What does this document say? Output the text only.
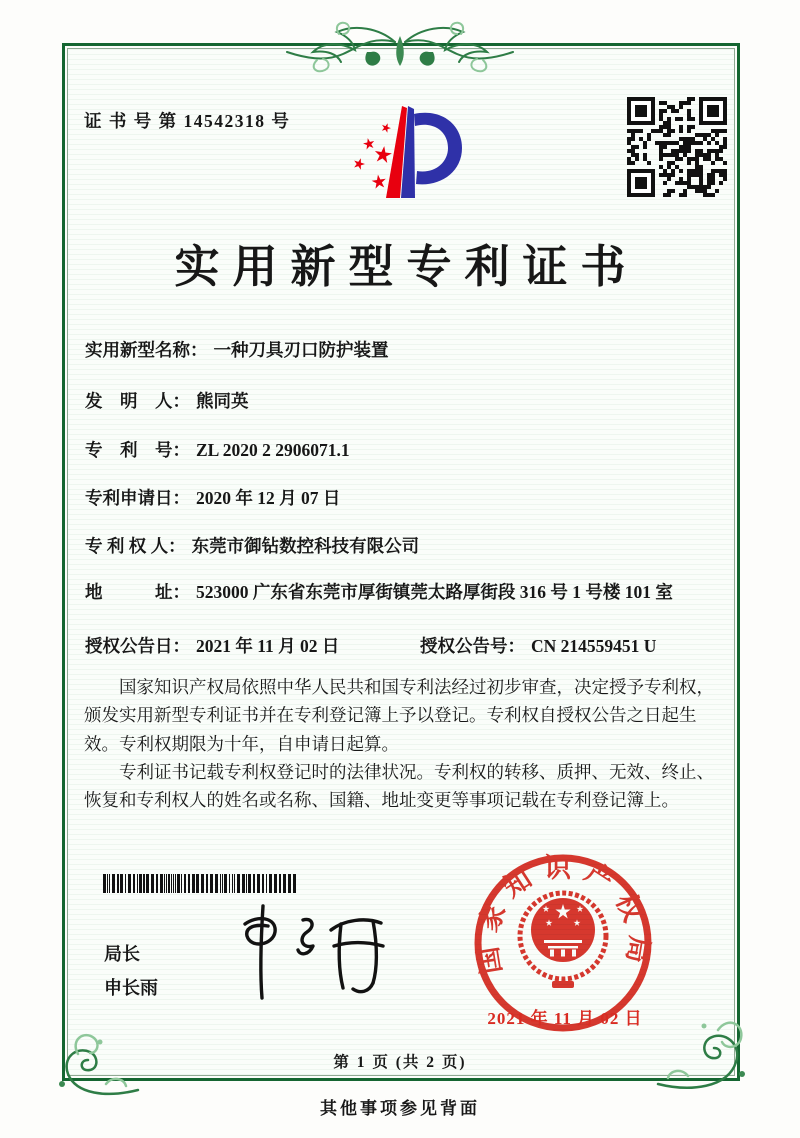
证 书 号 第 14542318 号
实用新型专利证书
实用新型名称： 一种刀具刃口防护装置
发　明　人： 熊同英
专　利　号： ZL 2020 2 2906071.1
专利申请日： 2020 年 12 月 07 日
专 利 权 人： 东莞市御钻数控科技有限公司
地　　　址： 523000 广东省东莞市厚街镇莞太路厚街段 316 号 1 号楼 101 室
授权公告日： 2021 年 11 月 02 日	授权公告号： CN 214559451 U

国家知识产权局依照中华人民共和国专利法经过初步审查，决定授予专利权，颁发实用新型专利证书并在专利登记簿上予以登记。专利权自授权公告之日起生效。专利权期限为十年，自申请日起算。

专利证书记载专利权登记时的法律状况。专利权的转移、质押、无效、终止、恢复和专利权人的姓名或名称、国籍、地址变更等事项记载在专利登记簿上。

局长
申长雨
国家知识产权局
2021 年 11 月 02 日
第 1 页 (共 2 页)
其他事项参见背面
